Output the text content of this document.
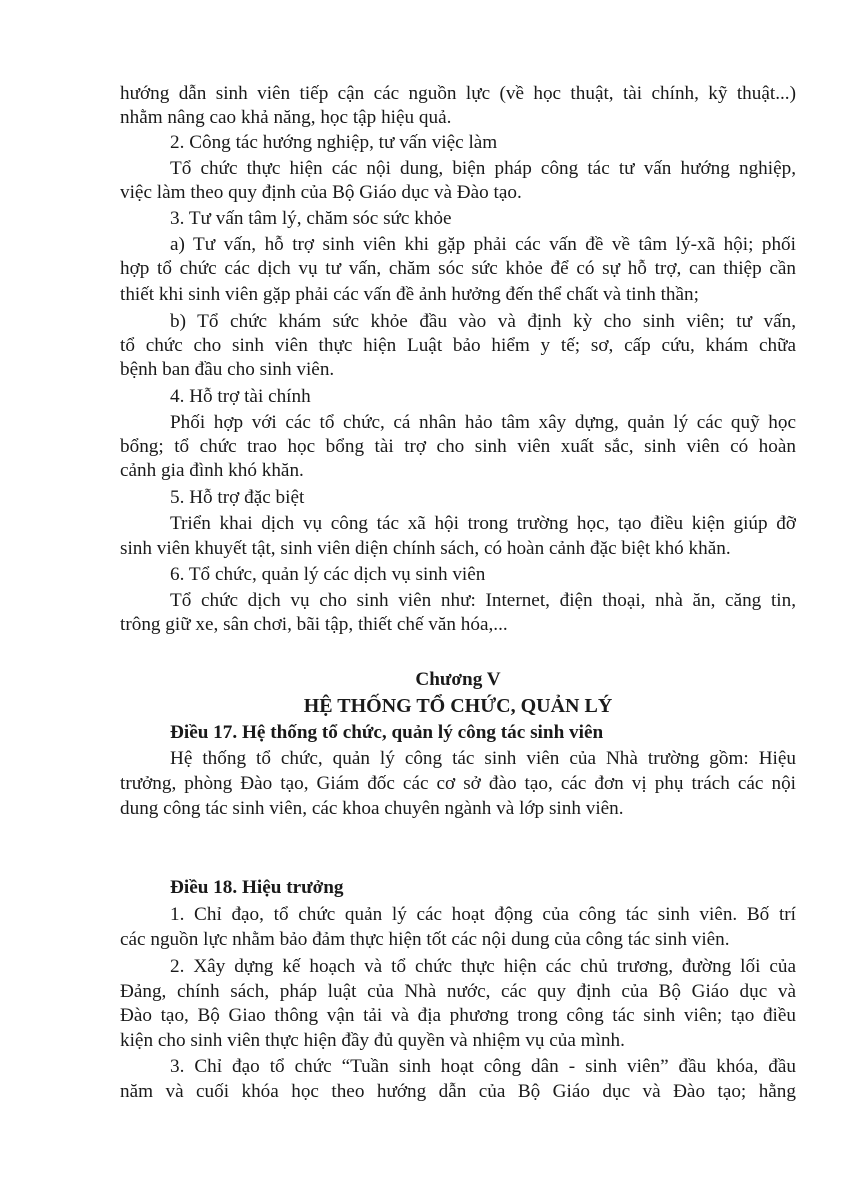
hướng dẫn sinh viên tiếp cận các nguồn lực (về học thuật, tài chính, kỹ thuật...)
nhằm nâng cao khả năng, học tập hiệu quả.
2. Công tác hướng nghiệp, tư vấn việc làm
Tổ chức thực hiện các nội dung, biện pháp công tác tư vấn hướng nghiệp,
việc làm theo quy định của Bộ Giáo dục và Đào tạo.
3. Tư vấn tâm lý, chăm sóc sức khỏe
a) Tư vấn, hỗ trợ sinh viên khi gặp phải các vấn đề về tâm lý-xã hội; phối
hợp tổ chức các dịch vụ tư vấn, chăm sóc sức khỏe để có sự hỗ trợ, can thiệp cần
thiết khi sinh viên gặp phải các vấn đề ảnh hưởng đến thể chất và tinh thần;
b) Tổ chức khám sức khỏe đầu vào và định kỳ cho sinh viên; tư vấn,
tổ chức cho sinh viên thực hiện Luật bảo hiểm y tế; sơ, cấp cứu, khám chữa
bệnh ban đầu cho sinh viên.
4. Hỗ trợ tài chính
Phối hợp với các tổ chức, cá nhân hảo tâm xây dựng, quản lý các quỹ học
bổng; tổ chức trao học bổng tài trợ cho sinh viên xuất sắc, sinh viên có hoàn
cảnh gia đình khó khăn.
5. Hỗ trợ đặc biệt
Triển khai dịch vụ công tác xã hội trong trường học, tạo điều kiện giúp đỡ
sinh viên khuyết tật, sinh viên diện chính sách, có hoàn cảnh đặc biệt khó khăn.
6. Tổ chức, quản lý các dịch vụ sinh viên
Tổ chức dịch vụ cho sinh viên như: Internet, điện thoại, nhà ăn, căng tin,
trông giữ xe, sân chơi, bãi tập, thiết chế văn hóa,...
Chương V
HỆ THỐNG TỔ CHỨC, QUẢN LÝ
Điều 17. Hệ thống tổ chức, quản lý công tác sinh viên
Hệ thống tổ chức, quản lý công tác sinh viên của Nhà trường gồm: Hiệu
trưởng, phòng Đào tạo, Giám đốc các cơ sở đào tạo, các đơn vị phụ trách các nội
dung công tác sinh viên, các khoa chuyên ngành và lớp sinh viên.
Điều 18. Hiệu trưởng
1. Chỉ đạo, tổ chức quản lý các hoạt động của công tác sinh viên. Bố trí
các nguồn lực nhằm bảo đảm thực hiện tốt các nội dung của công tác sinh viên.
2. Xây dựng kế hoạch và tổ chức thực hiện các chủ trương, đường lối của
Đảng, chính sách, pháp luật của Nhà nước, các quy định của Bộ Giáo dục và
Đào tạo, Bộ Giao thông vận tải và địa phương trong công tác sinh viên; tạo điều
kiện cho sinh viên thực hiện đầy đủ quyền và nhiệm vụ của mình.
3. Chỉ đạo tổ chức “Tuần sinh hoạt công dân - sinh viên” đầu khóa, đầu
năm và cuối khóa học theo hướng dẫn của Bộ Giáo dục và Đào tạo; hằng
